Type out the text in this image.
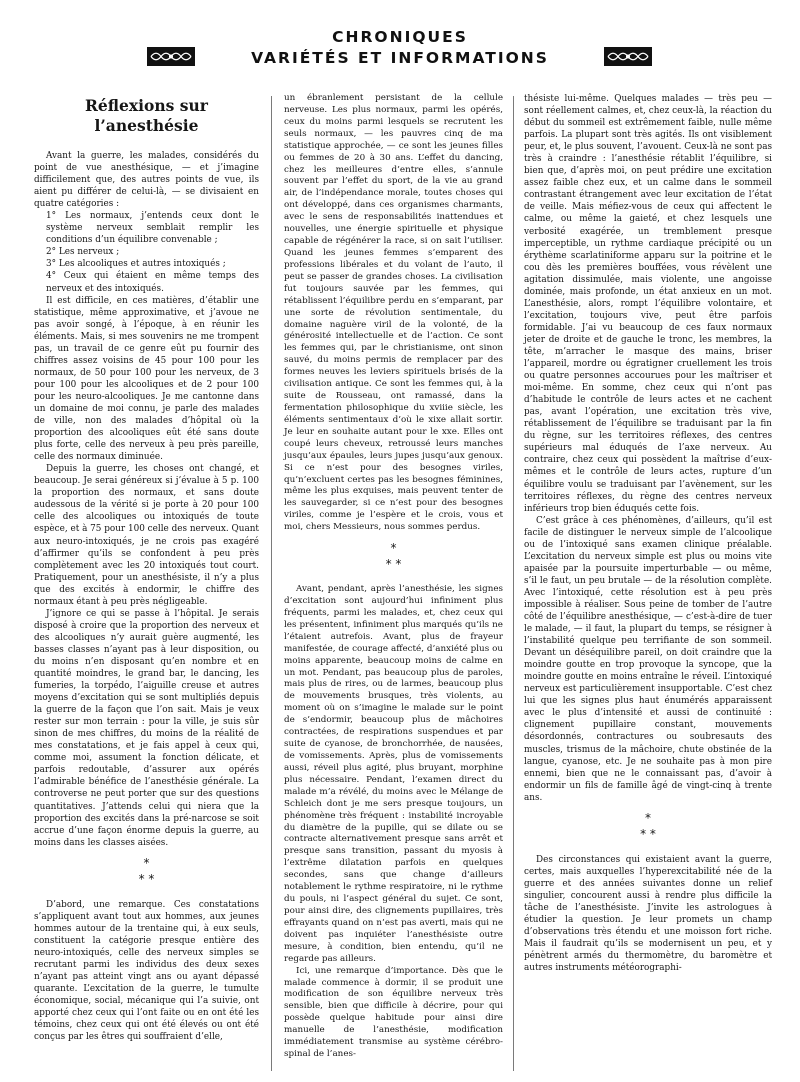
CHRONIQUES
VARIÉTÉS ET INFORMATIONS
Réflexions sur l’anesthésie

Avant la guerre, les malades, considérés du point de vue anesthésique, — et j’imagine difficilement que, des autres points de vue, ils aient pu différer de celui-là, — se divisaient en quatre catégories :

1° Les normaux, j’entends ceux dont le système nerveux semblait remplir les conditions d’un équilibre convenable ;

2° Les nerveux ;

3° Les alcooliques et autres intoxiqués ;

4° Ceux qui étaient en même temps des nerveux et des intoxiqués.

Il est difficile, en ces matières, d’établir une statistique, même approximative, et j’avoue ne pas avoir songé, à l’époque, à en réunir les éléments. Mais, si mes souvenirs ne me trompent pas, un travail de ce genre eût pu fournir des chiffres assez voisins de 45 pour 100 pour les normaux, de 50 pour 100 pour les nerveux, de 3 pour 100 pour les alcooliques et de 2 pour 100 pour les neuro-alcooliques. Je me cantonne dans un domaine de moi connu, je parle des malades de ville, non des malades d’hôpital où la proportion des alcooliques eût été sans doute plus forte, celle des nerveux à peu près pareille, celle des normaux diminuée.

Depuis la guerre, les choses ont changé, et beaucoup. Je serai généreux si j’évalue à 5 p. 100 la proportion des normaux, et sans doute audessous de la vérité si je porte à 20 pour 100 celle des alcooliques ou intoxiqués de toute espèce, et à 75 pour 100 celle des nerveux. Quant aux neuro-intoxiqués, je ne crois pas exagéré d’affirmer qu’ils se confondent à peu près complètement avec les 20 intoxiqués tout court. Pratiquement, pour un anesthésiste, il n’y a plus que des excités à endormir, le chiffre des normaux étant à peu près négligeable.

J’ignore ce qui se passe à l’hôpital. Je serais disposé à croire que la proportion des nerveux et des alcooliques n’y aurait guère augmenté, les basses classes n’ayant pas à leur disposition, ou du moins n’en disposant qu’en nombre et en quantité moindres, le grand bar, le dancing, les fumeries, la torpédo, l’aiguille creuse et autres moyens d’excitation qui se sont multipliés depuis la guerre de la façon que l’on sait. Mais je veux rester sur mon terrain : pour la ville, je suis sûr sinon de mes chiffres, du moins de la réalité de mes constatations, et je fais appel à ceux qui, comme moi, assument la fonction délicate, et parfois redoutable, d’assurer aux opérés l’admirable bénéfice de l’anesthésie générale. La controverse ne peut porter que sur des questions quantitatives. J’attends celui qui niera que la proportion des excités dans la pré-narcose se soit accrue d’une façon énorme depuis la guerre, au moins dans les classes aisées.

*
* *

D’abord, une remarque. Ces constatations s’appliquent avant tout aux hommes, aux jeunes hommes autour de la trentaine qui, à eux seuls, constituent la catégorie presque entière des neuro-intoxiqués, celle des nerveux simples se recrutant parmi les individus des deux sexes n’ayant pas atteint vingt ans ou ayant dépassé quarante. L’excitation de la guerre, le tumulte économique, social, mécanique qui l’a suivie, ont apporté chez ceux qui l’ont faite ou en ont été les témoins, chez ceux qui ont été élevés ou ont été conçus par les êtres qui souffraient d’elle,

un ébranlement persistant de la cellule nerveuse. Les plus normaux, parmi les opérés, ceux du moins parmi lesquels se recrutent les seuls normaux, — les pauvres cinq de ma statistique approchée, — ce sont les jeunes filles ou femmes de 20 à 30 ans. L’effet du dancing, chez les meilleures d’entre elles, s’annule souvent par l’effet du sport, de la vie au grand air, de l’indépendance morale, toutes choses qui ont développé, dans ces organismes charmants, avec le sens de responsabilités inattendues et nouvelles, une énergie spirituelle et physique capable de régénérer la race, si on sait l’utiliser. Quand les jeunes femmes s’emparent des professions libérales et du volant de l’auto, il peut se passer de grandes choses. La civilisation fut toujours sauvée par les femmes, qui rétablissent l’équilibre perdu en s’emparant, par une sorte de révolution sentimentale, du domaine naguère viril de la volonté, de la générosité intellectuelle et de l’action. Ce sont les femmes qui, par le christianisme, ont sinon sauvé, du moins permis de remplacer par des formes neuves les leviers spirituels brisés de la civilisation antique. Ce sont les femmes qui, à la suite de Rousseau, ont ramassé, dans la fermentation philosophique du xviiie siècle, les éléments sentimentaux d’où le xixe allait sortir. Je leur en souhaite autant pour le xxe. Elles ont coupé leurs cheveux, retroussé leurs manches jusqu’aux épaules, leurs jupes jusqu’aux genoux. Si ce n’est pour des besognes viriles, qu’n’excluent certes pas les besognes féminines, même les plus exquises, mais peuvent tenter de les sauvegarder, si ce n’est pour des besognes viriles, comme je l’espère et le crois, vous et moi, chers Messieurs, nous sommes perdus.

*
* *

Avant, pendant, après l’anesthésie, les signes d’excitation sont aujourd’hui infiniment plus fréquents, parmi les malades, et, chez ceux qui les présentent, infiniment plus marqués qu’ils ne l’étaient autrefois. Avant, plus de frayeur manifestée, de courage affecté, d’anxiété plus ou moins apparente, beaucoup moins de calme en un mot. Pendant, pas beaucoup plus de paroles, mais plus de rires, ou de larmes, beaucoup plus de mouvements brusques, très violents, au moment où on s’imagine le malade sur le point de s’endormir, beaucoup plus de mâchoires contractées, de respirations suspendues et par suite de cyanose, de bronchorrhée, de nausées, de vomissements. Après, plus de vomissements aussi, réveil plus agité, plus bruyant, morphine plus nécessaire. Pendant, l’examen direct du malade m’a révélé, du moins avec le Mélange de Schleich dont je me sers presque toujours, un phénomène très fréquent : instabilité incroyable du diamètre de la pupille, qui se dilate ou se contracte alternativement presque sans arrêt et presque sans transition, passant du myosis à l’extrême dilatation parfois en quelques secondes, sans que change d’ailleurs notablement le rythme respiratoire, ni le rythme du pouls, ni l’aspect général du sujet. Ce sont, pour ainsi dire, des clignements pupillaires, très effrayants quand on n’est pas averti, mais qui ne doivent pas inquiéter l’anesthésiste outre mesure, à condition, bien entendu, qu’il ne regarde pas ailleurs.

Ici, une remarque d’importance. Dès que le malade commence à dormir, il se produit une modification de son équilibre nerveux très sensible, bien que difficile à décrire, pour qui possède quelque habitude pour ainsi dire manuelle de l’anesthésie, modification immédiatement transmise au système cérébro-spinal de l’anes-

thésiste lui-même. Quelques malades — très peu — sont réellement calmes, et, chez ceux-là, la réaction du début du sommeil est extrêmement faible, nulle même parfois. La plupart sont très agités. Ils ont visiblement peur, et, le plus souvent, l’avouent. Ceux-là ne sont pas très à craindre : l’anesthésie rétablit l’équilibre, si bien que, d’après moi, on peut prédire une excitation assez faible chez eux, et un calme dans le sommeil contrastant étrangement avec leur excitation de l’état de veille. Mais méfiez-vous de ceux qui affectent le calme, ou même la gaieté, et chez lesquels une verbosité exagérée, un tremblement presque imperceptible, un rythme cardiaque précipité ou un érythème scarlatiniforme apparu sur la poitrine et le cou dès les premières bouffées, vous révèlent une agitation dissimulée, mais violente, une angoisse dominée, mais profonde, un état anxieux en un mot. L’anesthésie, alors, rompt l’équilibre volontaire, et l’excitation, toujours vive, peut être parfois formidable. J’ai vu beaucoup de ces faux normaux jeter de droite et de gauche le tronc, les membres, la tête, m’arracher le masque des mains, briser l’appareil, mordre ou égratigner cruellement les trois ou quatre personnes accourues pour les maîtriser et moi-même. En somme, chez ceux qui n’ont pas d’habitude le contrôle de leurs actes et ne cachent pas, avant l’opération, une excitation très vive, rétablissement de l’équilibre se traduisant par la fin du règne, sur les territoires réflexes, des centres supérieurs mal éduqués de l’axe nerveux. Au contraire, chez ceux qui possèdent la maîtrise d’eux-mêmes et le contrôle de leurs actes, rupture d’un équilibre voulu se traduisant par l’avènement, sur les territoires réflexes, du règne des centres nerveux inférieurs trop bien éduqués cette fois.

C’est grâce à ces phénomènes, d’ailleurs, qu’il est facile de distinguer le nerveux simple de l’alcoolique ou de l’intoxiqué sans examen clinique préalable. L’excitation du nerveux simple est plus ou moins vite apaisée par la poursuite imperturbable — ou même, s’il le faut, un peu brutale — de la résolution complète. Avec l’intoxiqué, cette résolution est à peu près impossible à réaliser. Sous peine de tomber de l’autre côté de l’équilibre anesthésique, — c’est-à-dire de tuer le malade, — il faut, la plupart du temps, se résigner à l’instabilité quelque peu terrifiante de son sommeil. Devant un déséquilibre pareil, on doit craindre que la moindre goutte en trop provoque la syncope, que la moindre goutte en moins entraîne le réveil. L’intoxiqué nerveux est particulièrement insupportable. C’est chez lui que les signes plus haut énumérés apparaissent avec le plus d’intensité et aussi de continuité : clignement pupillaire constant, mouvements désordonnés, contractures ou soubresauts des muscles, trismus de la mâchoire, chute obstinée de la langue, cyanose, etc. Je ne souhaite pas à mon pire ennemi, bien que ne le connaissant pas, d’avoir à endormir un fils de famille âgé de vingt-cinq à trente ans.

*
* *

Des circonstances qui existaient avant la guerre, certes, mais auxquelles l’hyperexcitabilité née de la guerre et des années suivantes donne un relief singulier, concourent aussi à rendre plus difficile la tâche de l’anesthésiste. J’invite les astrologues à étudier la question. Je leur promets un champ d’observations très étendu et une moisson fort riche. Mais il faudrait qu’ils se modernisent un peu, et y pénètrent armés du thermomètre, du baromètre et autres instruments météorographi-
